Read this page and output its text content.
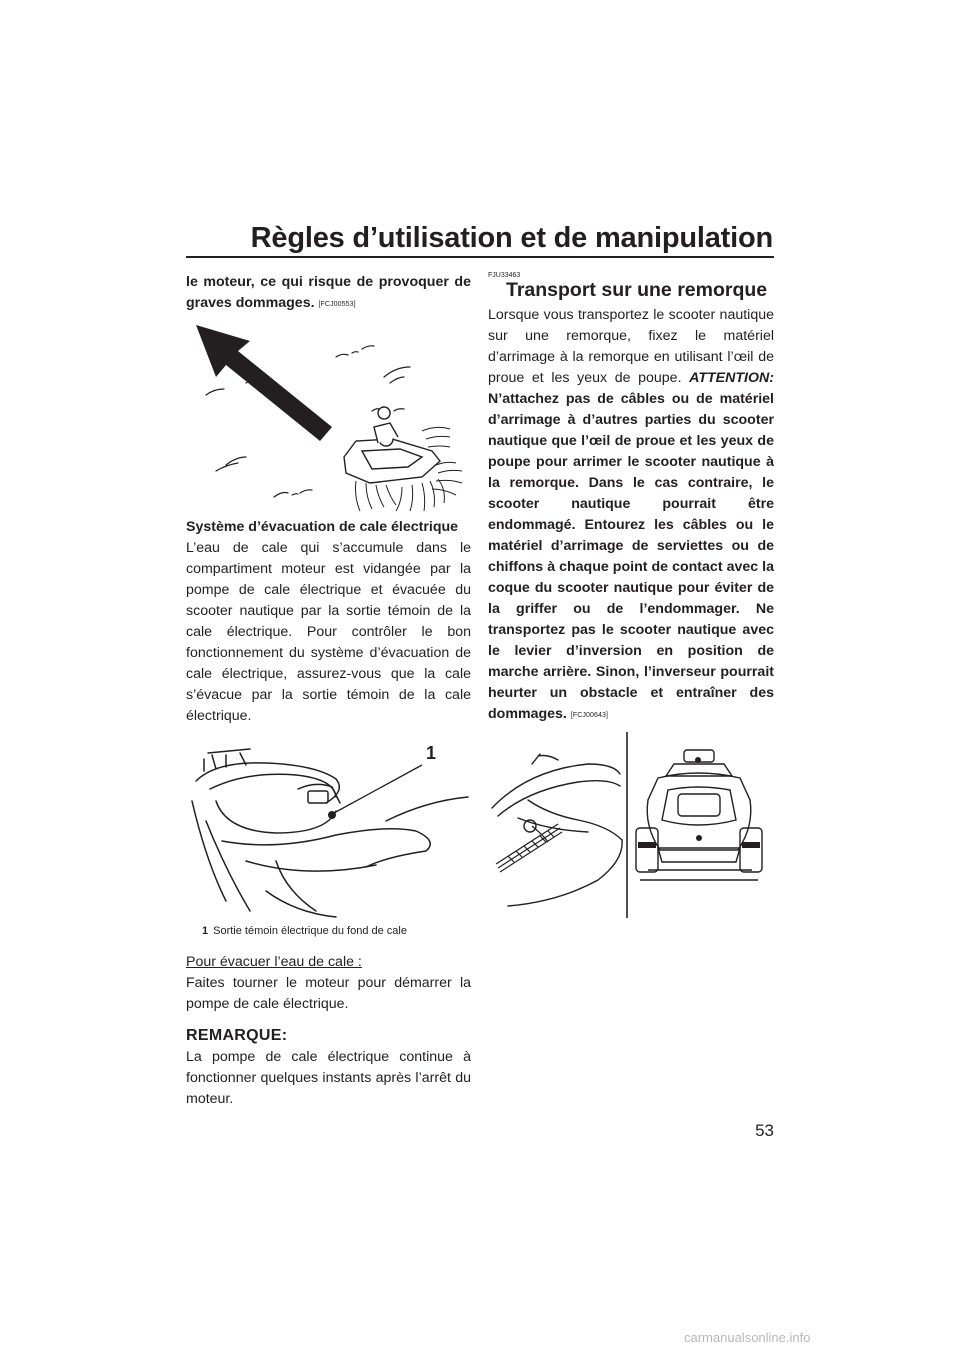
Règles d’utilisation et de manipulation

le moteur, ce qui risque de provoquer de graves dommages. [FCJ00553]

Système d’évacuation de cale électrique

L’eau de cale qui s’accumule dans le compartiment moteur est vidangée par la pompe de cale électrique et évacuée du scooter nautique par la sortie témoin de la cale électrique. Pour contrôler le bon fonctionnement du système d’évacuation de cale électrique, assurez-vous que la cale s’évacue par la sortie témoin de la cale électrique.

1

1 Sortie témoin électrique du fond de cale

Pour évacuer l’eau de cale :

Faites tourner le moteur pour démarrer la pompe de cale électrique.

REMARQUE:

La pompe de cale électrique continue à fonctionner quelques instants après l’arrêt du moteur.

FJU33463

Transport sur une remorque

Lorsque vous transportez le scooter nautique sur une remorque, fixez le matériel d’arrimage à la remorque en utilisant l’œil de proue et les yeux de poupe. ATTENTION: N’attachez pas de câbles ou de matériel d’arrimage à d’autres parties du scooter nautique que l’œil de proue et les yeux de poupe pour arrimer le scooter nautique à la remorque. Dans le cas contraire, le scooter nautique pourrait être endommagé. Entourez les câbles ou le matériel d’arrimage de serviettes ou de chiffons à chaque point de contact avec la coque du scooter nautique pour éviter de la griffer ou de l’endommager. Ne transportez pas le scooter nautique avec le levier d’inversion en position de marche arrière. Sinon, l’inverseur pourrait heurter un obstacle et entraîner des dommages. [FCJ00643]

53
carmanualsonline.info
